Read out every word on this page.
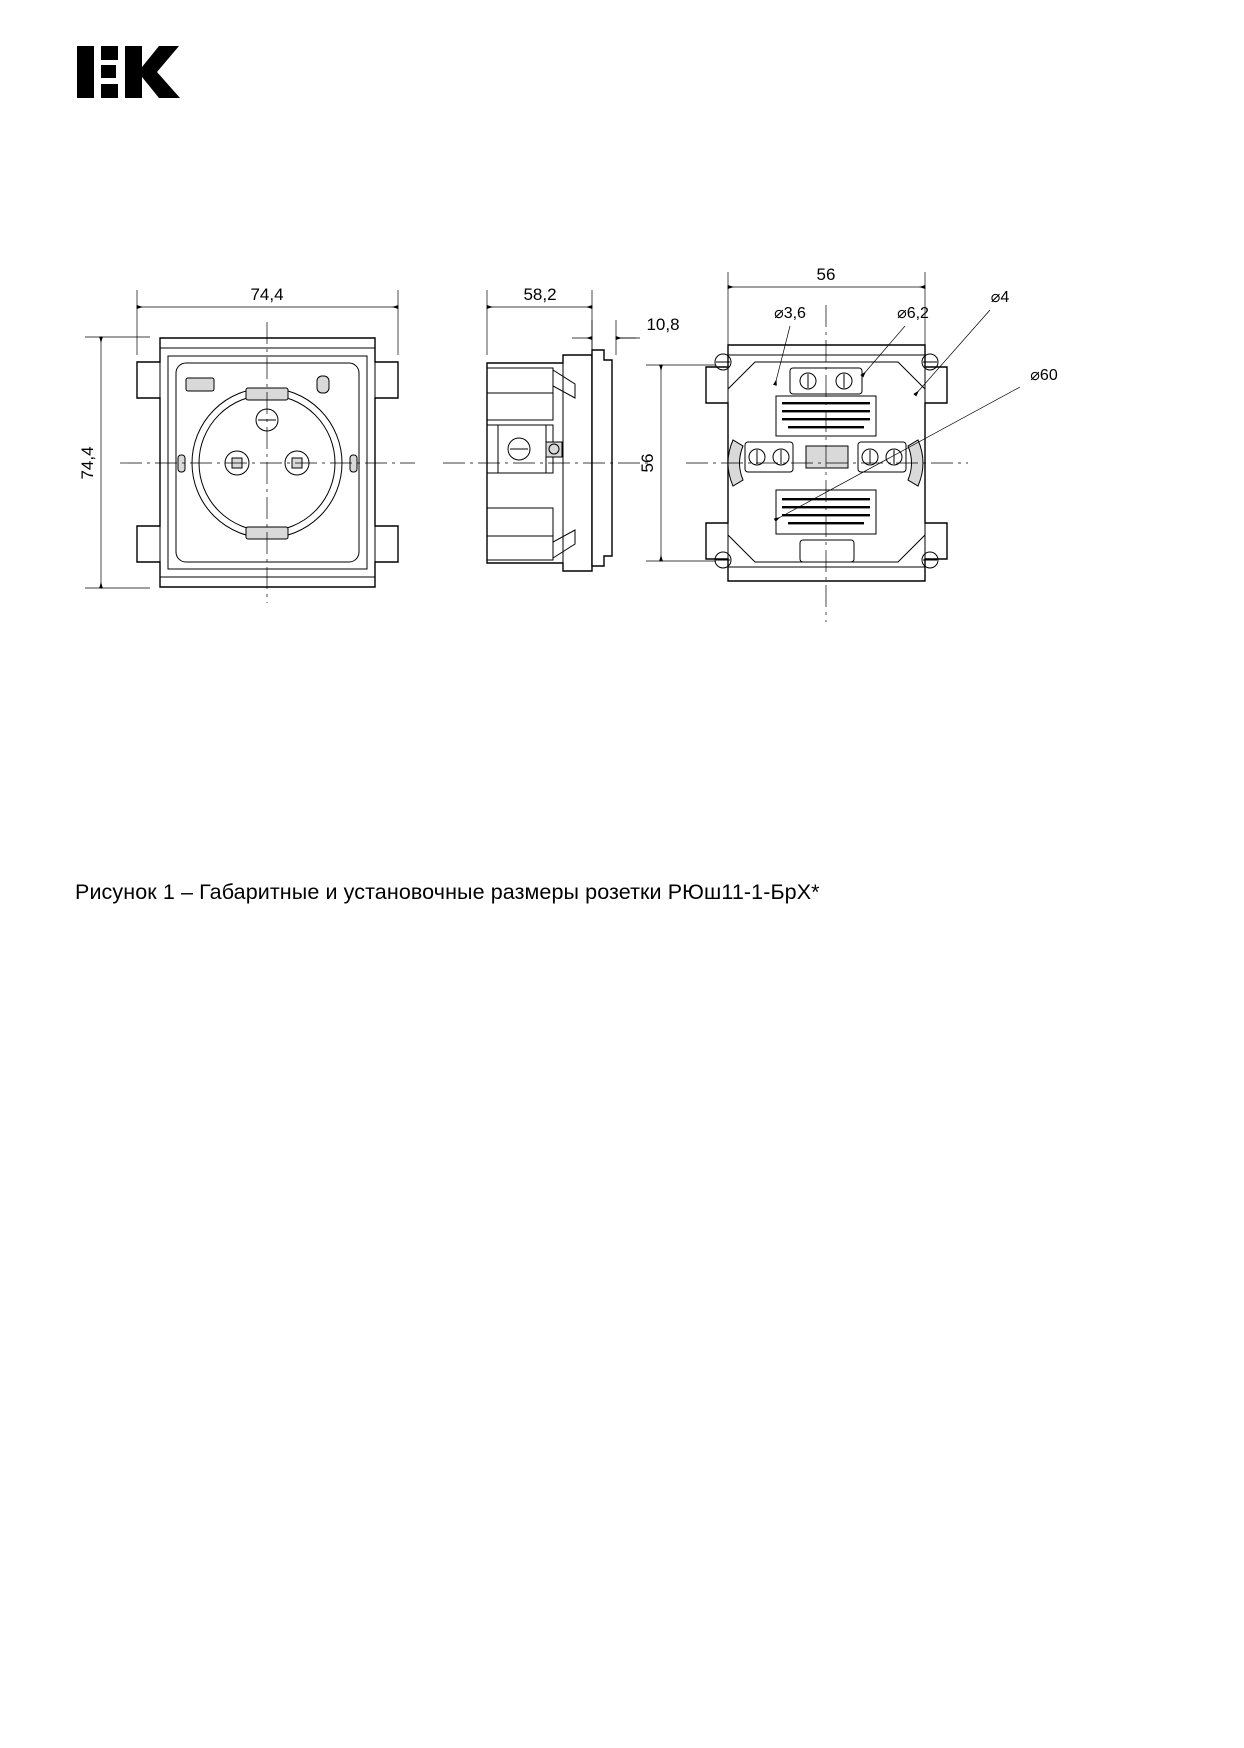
74,4
74,4
58,2
10,8
56
56
⌀3,6	⌀6,2
⌀4
⌀60
Рисунок 1 – Габаритные и установочные размеры розетки РЮш11-1-БрХ*
